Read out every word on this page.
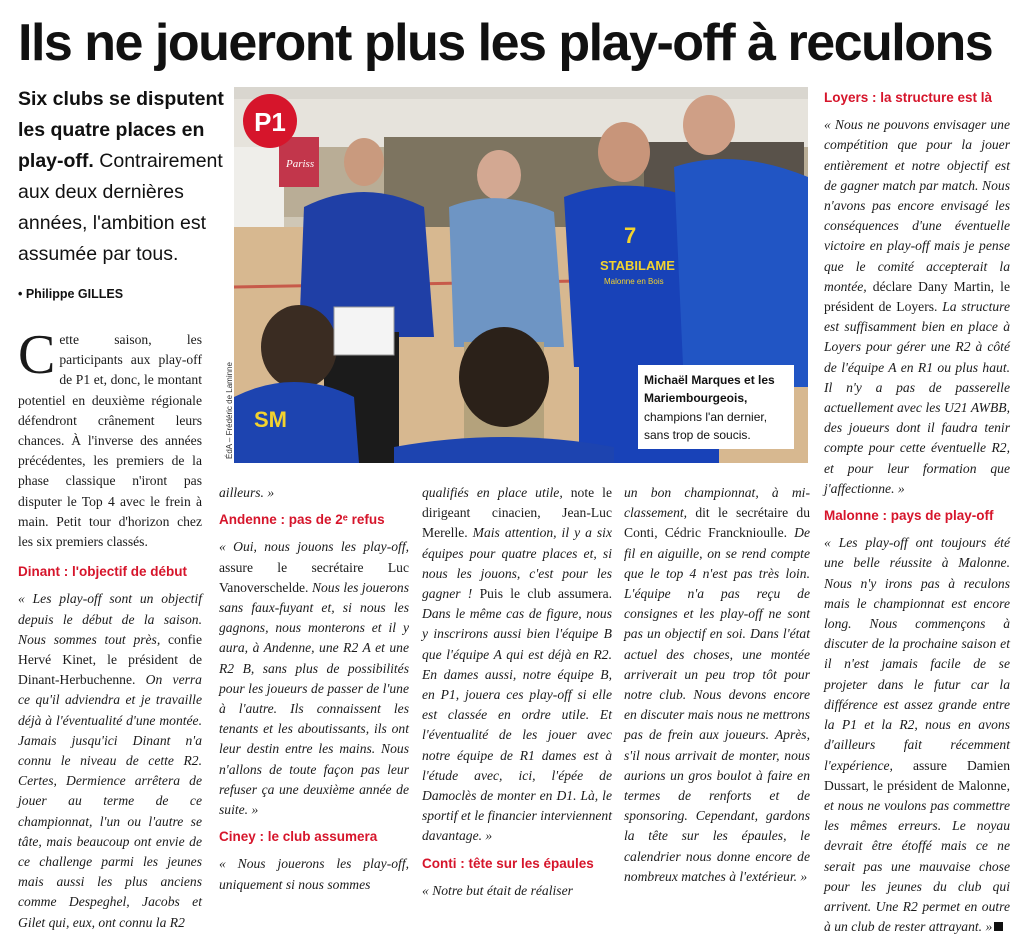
Ils ne joueront plus les play-off à reculons
Six clubs se disputent les quatre places en play-off. Contrairement aux deux dernières années, l'ambition est assumée par tous.
• Philippe GILLES

Cette saison, les participants aux play-off de P1 et, donc, le montant potentiel en deuxième régionale défendront crânement leurs chances. À l'inverse des années précédentes, les premiers de la phase classique n'iront pas disputer le Top 4 avec le frein à main. Petit tour d'horizon chez les six premiers classés.

Dinant : l'objectif de début

« Les play-off sont un objectif depuis le début de la saison. Nous sommes tout près, confie Hervé Kinet, le président de Dinant-Herbuchenne. On verra ce qu'il adviendra et je travaille déjà à l'éventualité d'une montée. Jamais jusqu'ici Dinant n'a connu le niveau de cette R2. Certes, Dermience arrêtera de jouer au terme de ce championnat, l'un ou l'autre se tâte, mais beaucoup ont envie de ce challenge parmi les jeunes mais aussi les plus anciens comme Despeghel, Jacobs et Gilet qui, eux, ont connu la R2

P1
STABILAME
Malonne en Bois
7
SM
Pariss
ÉdA – Frédéric de Laminne	Michaël Marques et les
Mariembourgeois,
champions l'an dernier,
sans trop de soucis.

ailleurs. »

Andenne : pas de 2ᵉ refus

« Oui, nous jouons les play-off, assure le secrétaire Luc Vanoverschelde. Nous les jouerons sans faux-fuyant et, si nous les gagnons, nous monterons et il y aura, à Andenne, une R2 A et une R2 B, sans plus de possibilités pour les joueurs de passer de l'une à l'autre. Ils connaissent les tenants et les aboutissants, ils ont leur destin entre les mains. Nous n'allons de toute façon pas leur refuser ça une deuxième année de suite. »

Ciney : le club assumera

« Nous jouerons les play-off, uniquement si nous sommes

qualifiés en place utile, note le dirigeant cinacien, Jean-Luc Merelle. Mais attention, il y a six équipes pour quatre places et, si nous les jouons, c'est pour les gagner ! Puis le club assumera. Dans le même cas de figure, nous y inscrirons aussi bien l'équipe B que l'équipe A qui est déjà en R2. En dames aussi, notre équipe B, en P1, jouera ces play-off si elle est classée en ordre utile. Et l'éventualité de les jouer avec notre équipe de R1 dames est à l'étude avec, ici, l'épée de Damoclès de monter en D1. Là, le sportif et le financier interviennent davantage. »

Conti : tête sur les épaules

« Notre but était de réaliser

un bon championnat, à mi-classement, dit le secrétaire du Conti, Cédric Francknioulle. De fil en aiguille, on se rend compte que le top 4 n'est pas très loin. L'équipe n'a pas reçu de consignes et les play-off ne sont pas un objectif en soi. Dans l'état actuel des choses, une montée arriverait un peu trop tôt pour notre club. Nous devons encore en discuter mais nous ne mettrons pas de frein aux joueurs. Après, s'il nous arrivait de monter, nous aurions un gros boulot à faire en termes de renforts et de sponsoring. Cependant, gardons la tête sur les épaules, le calendrier nous donne encore de nombreux matches à l'extérieur. »

Loyers : la structure est là

« Nous ne pouvons envisager une compétition que pour la jouer entièrement et notre objectif est de gagner match par match. Nous n'avons pas encore envisagé les conséquences d'une éventuelle victoire en play-off mais je pense que le comité accepterait la montée, déclare Dany Martin, le président de Loyers. La structure est suffisamment bien en place à Loyers pour gérer une R2 à côté de l'équipe A en R1 ou plus haut. Il n'y a pas de passerelle actuellement avec les U21 AWBB, des joueurs dont il faudra tenir compte pour cette éventuelle R2, et pour leur formation que j'affectionne. »

Malonne : pays de play-off

« Les play-off ont toujours été une belle réussite à Malonne. Nous n'y irons pas à reculons mais le championnat est encore long. Nous commençons à discuter de la prochaine saison et il n'est jamais facile de se projeter dans le futur car la différence est assez grande entre la P1 et la R2, nous en avons d'ailleurs fait récemment l'expérience, assure Damien Dussart, le président de Malonne, et nous ne voulons pas commettre les mêmes erreurs. Le noyau devrait être étoffé mais ce ne serait pas une mauvaise chose pour les jeunes du club qui arrivent. Une R2 permet en outre à un club de rester attrayant. »
